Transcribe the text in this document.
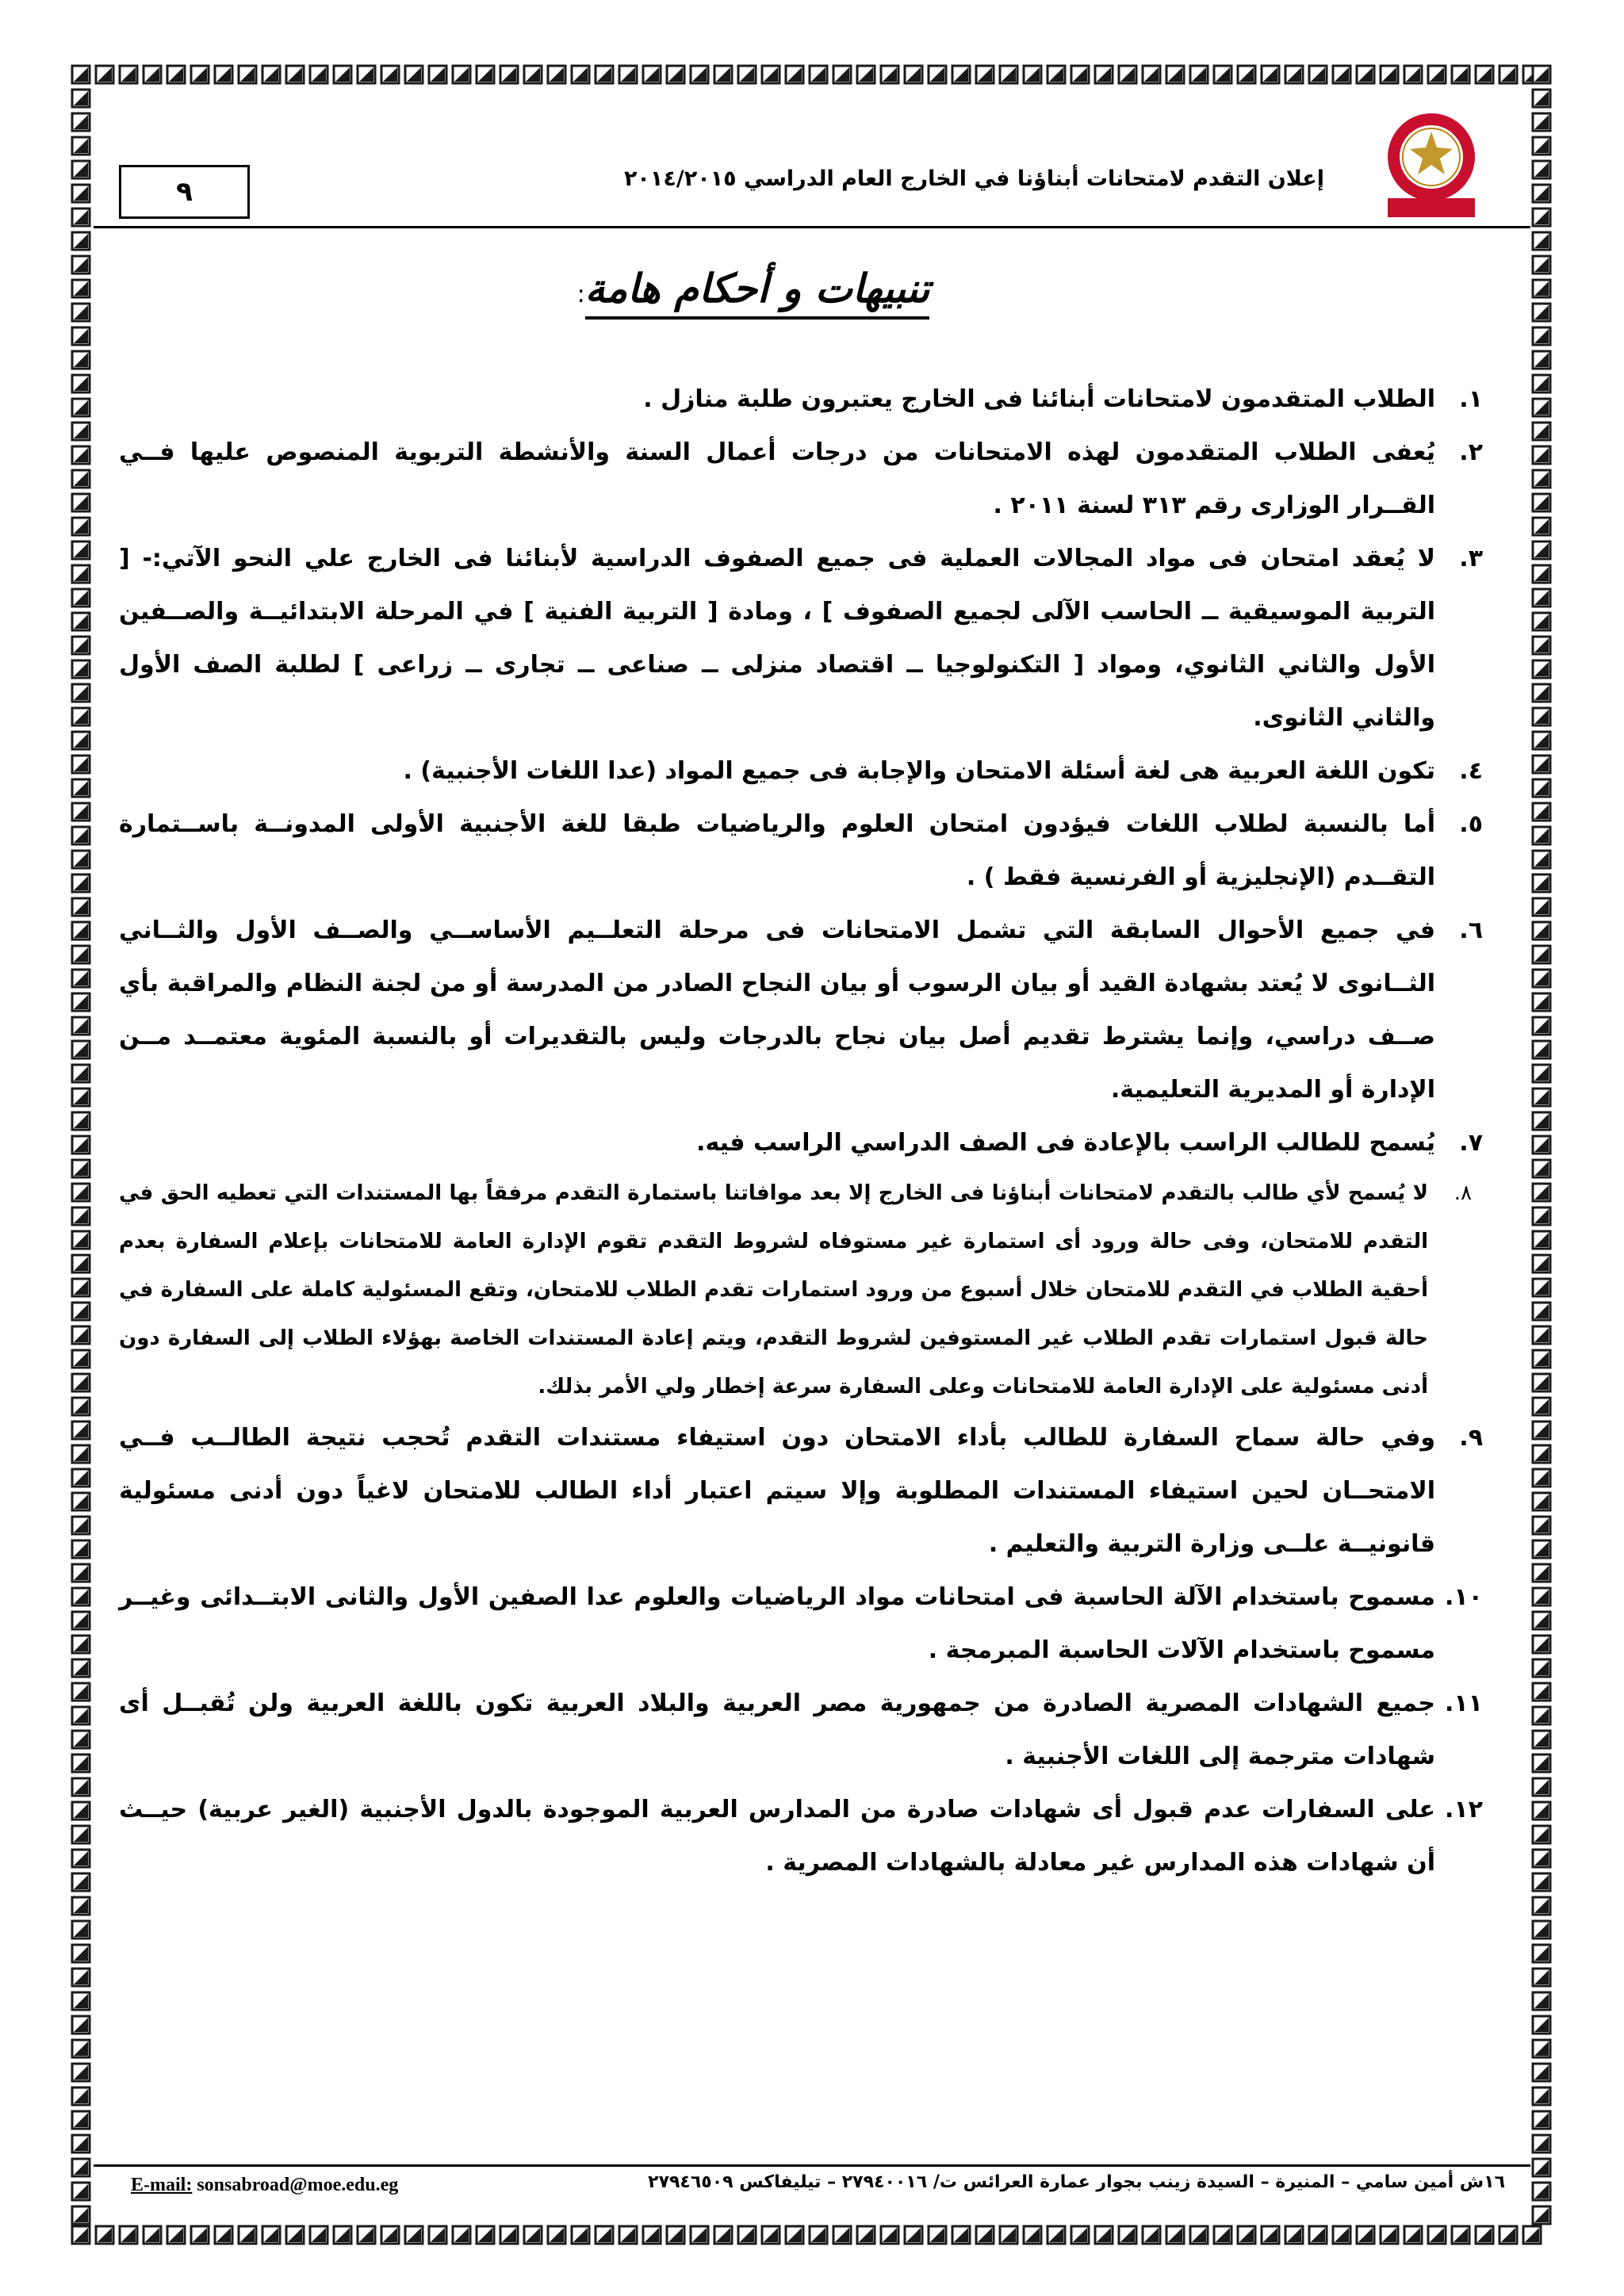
إعلان التقدم لامتحانات أبناؤنا في الخارج العام الدراسي ٢٠١٤/٢٠١٥
٩
تنبيهات و أحكام هامة:
١.
الطلاب المتقدمون لامتحانات أبنائنا فى الخارج يعتبرون طلبة منازل .
٢.
يُعفى الطلاب المتقدمون لهذه الامتحانات من درجات أعمال السنة والأنشطة التربوية المنصوص عليها فــي القــرار الوزارى رقم ٣١٣ لسنة ٢٠١١ .
٣.
لا يُعقد امتحان فى مواد المجالات العملية فى جميع الصفوف الدراسية لأبنائنا فى الخارج علي النحو الآتي:- [ التربية الموسيقية ــ الحاسب الآلى لجميع الصفوف ] ، ومادة [ التربية الفنية ] في المرحلة الابتدائيــة والصــفين الأول والثاني الثانوي، ومواد [ التكنولوجيا ــ اقتصاد منزلى ــ صناعى ــ تجارى ــ زراعى ] لطلبة الصف الأول والثاني الثانوى.
٤.
تكون اللغة العربية هى لغة أسئلة الامتحان والإجابة فى جميع المواد (عدا اللغات الأجنبية) .
٥.
أما بالنسبة لطلاب اللغات فيؤدون امتحان العلوم والرياضيات طبقا للغة الأجنبية الأولى المدونــة باســتمارة التقــدم (الإنجليزية أو الفرنسية فقط ) .
٦.
في جميع الأحوال السابقة التي تشمل الامتحانات فى مرحلة التعلــيم الأساســي والصــف الأول والثــاني الثــانوى لا يُعتد بشهادة القيد أو بيان الرسوب أو بيان النجاح الصادر من المدرسة أو من لجنة النظام والمراقبة بأي صــف دراسي، وإنما يشترط تقديم أصل بيان نجاح بالدرجات وليس بالتقديرات أو بالنسبة المئوية معتمــد مــن الإدارة أو المديرية التعليمية.
٧.
يُسمح للطالب الراسب بالإعادة فى الصف الدراسي الراسب فيه.
٨.
لا يُسمح لأي طالب بالتقدم لامتحانات أبناؤنا فى الخارج إلا بعد موافاتنا باستمارة التقدم مرفقاً بها المستندات التي تعطيه الحق في التقدم للامتحان، وفى حالة ورود أى استمارة غير مستوفاه لشروط التقدم تقوم الإدارة العامة للامتحانات بإعلام السفارة بعدم أحقية الطلاب في التقدم للامتحان خلال أسبوع من ورود استمارات تقدم الطلاب للامتحان، وتقع المسئولية كاملة على السفارة في حالة قبول استمارات تقدم الطلاب غير المستوفين لشروط التقدم، ويتم إعادة المستندات الخاصة بهؤلاء الطلاب إلى السفارة دون أدنى مسئولية على الإدارة العامة للامتحانات وعلى السفارة سرعة إخطار ولي الأمر بذلك.
٩.
وفي حالة سماح السفارة للطالب بأداء الامتحان دون استيفاء مستندات التقدم تُحجب نتيجة الطالــب فــي الامتحــان لحين استيفاء المستندات المطلوبة وإلا سيتم اعتبار أداء الطالب للامتحان لاغياً دون أدنى مسئولية قانونيــة علــى وزارة التربية والتعليم .
١٠.
مسموح باستخدام الآلة الحاسبة فى امتحانات مواد الرياضيات والعلوم عدا الصفين الأول والثانى الابتــدائى وغيــر مسموح باستخدام الآلات الحاسبة المبرمجة .
١١.
جميع الشهادات المصرية الصادرة من جمهورية مصر العربية والبلاد العربية تكون باللغة العربية ولن تُقبــل أى شهادات مترجمة إلى اللغات الأجنبية .
١٢.
على السفارات عدم قبول أى شهادات صادرة من المدارس العربية الموجودة بالدول الأجنبية (الغير عربية) حيــث أن شهادات هذه المدارس غير معادلة بالشهادات المصرية .
١٦ش أمين سامي – المنيرة – السيدة زينب بجوار عمارة العرائس ت/ ٢٧٩٤٠٠١٦ – تيليفاكس ٢٧٩٤٦٥٠٩
E-mail: sonsabroad@moe.edu.eg
